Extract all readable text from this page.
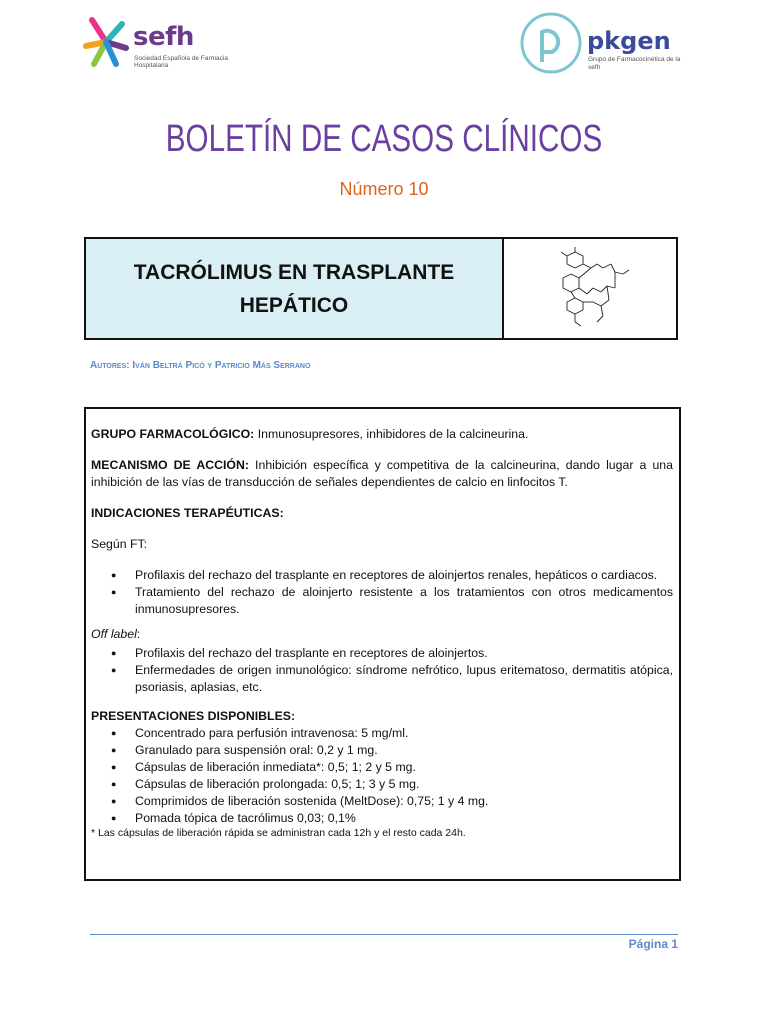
sefh
Sociedad Española de Farmacia Hospitalaria
pkgen
Grupo de Farmacocinética de la sefh
BOLETÍN DE CASOS CLÍNICOS
Número 10
TACRÓLIMUS EN TRASPLANTE
HEPÁTICO
Autores: Iván Beltrá Picó y Patricio Más Serrano

GRUPO FARMACOLÓGICO: Inmunosupresores, inhibidores de la calcineurina.

MECANISMO DE ACCIÓN: Inhibición específica y competitiva de la calcineurina, dando lugar a una inhibición de las vías de transducción de señales dependientes de calcio en linfocitos T.

INDICACIONES TERAPÉUTICAS:

Según FT:

● Profilaxis del rechazo del trasplante en receptores de aloinjertos renales, hepáticos o cardiacos.
● Tratamiento del rechazo de aloinjerto resistente a los tratamientos con otros medicamentos inmunosupresores.

Off label:

● Profilaxis del rechazo del trasplante en receptores de aloinjertos.
● Enfermedades de origen inmunológico: síndrome nefrótico, lupus eritematoso, dermatitis atópica, psoriasis, aplasias, etc.

PRESENTACIONES DISPONIBLES:

● Concentrado para perfusión intravenosa: 5 mg/ml.
● Granulado para suspensión oral: 0,2 y 1 mg.
● Cápsulas de liberación inmediata*: 0,5; 1; 2 y 5 mg.
● Cápsulas de liberación prolongada: 0,5; 1; 3 y 5 mg.
● Comprimidos de liberación sostenida (MeltDose): 0,75; 1 y 4 mg.
● Pomada tópica de tacrólimus 0,03; 0,1%

* Las cápsulas de liberación rápida se administran cada 12h y el resto cada 24h.

Página 1
